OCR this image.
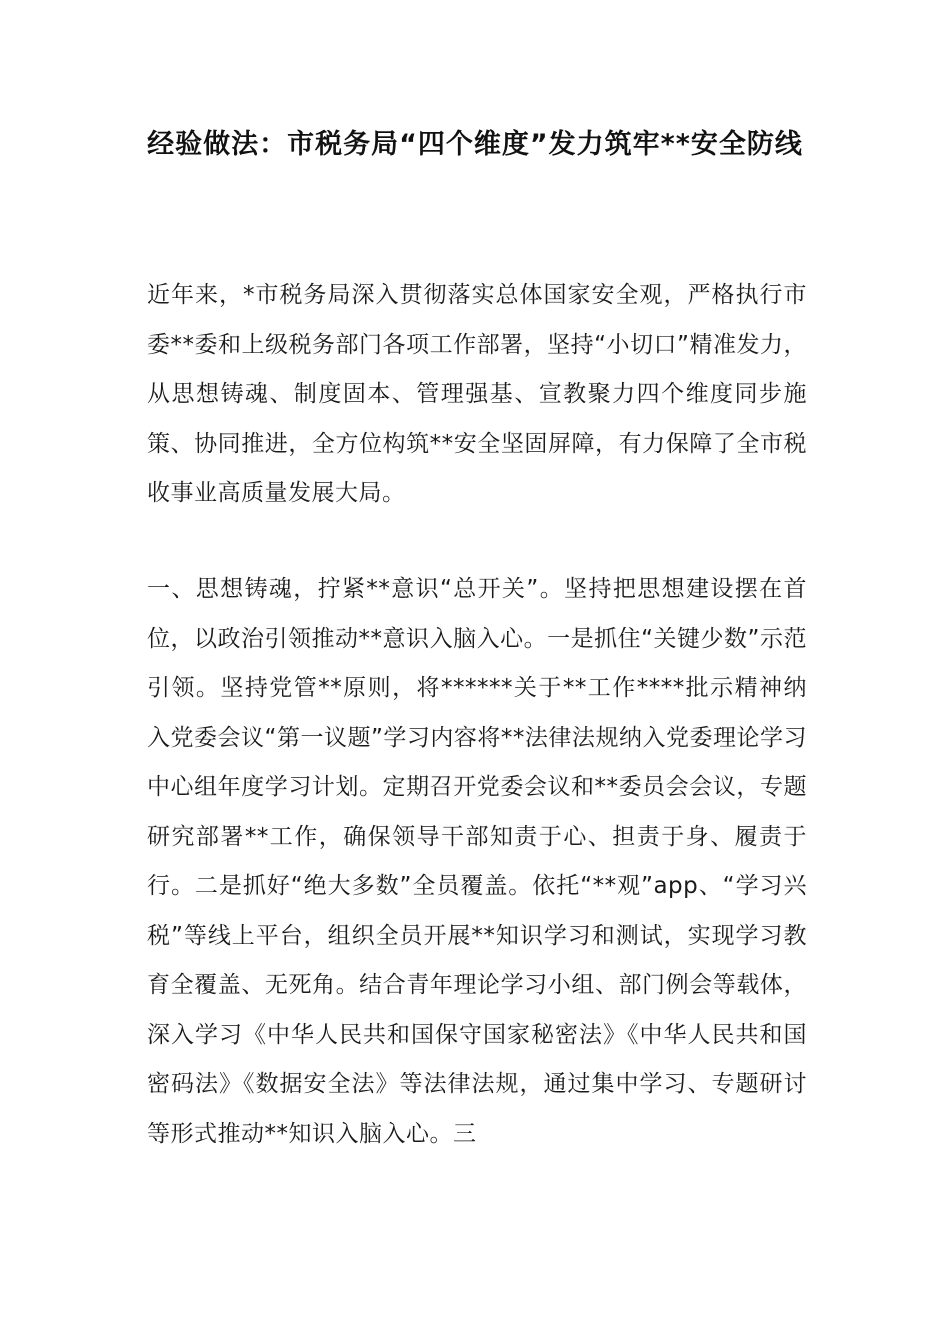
经验做法：市税务局“四个维度”发力筑牢**安全防线

近年来，*市税务局深入贯彻落实总体国家安全观，严格执行市委**委和上级税务部门各项工作部署，坚持“小切口”精准发力，从思想铸魂、制度固本、管理强基、宣教聚力四个维度同步施策、协同推进，全方位构筑**安全坚固屏障，有力保障了全市税收事业高质量发展大局。

一、思想铸魂，拧紧**意识“总开关”。坚持把思想建设摆在首位，以政治引领推动**意识入脑入心。一是抓住“关键少数”示范引领。坚持党管**原则，将******关于**工作****批示精神纳入党委会议“第一议题”学习内容将**法律法规纳入党委理论学习中心组年度学习计划。定期召开党委会议和**委员会会议，专题研究部署**工作，确保领导干部知责于心、担责于身、履责于行。二是抓好“绝大多数”全员覆盖。依托“**观”app、“学习兴税”等线上平台，组织全员开展**知识学习和测试，实现学习教育全覆盖、无死角。结合青年理论学习小组、部门例会等载体，深入学习《中华人民共和国保守国家秘密法》《中华人民共和国密码法》《数据安全法》等法律法规，通过集中学习、专题研讨等形式推动**知识入脑入心。三
